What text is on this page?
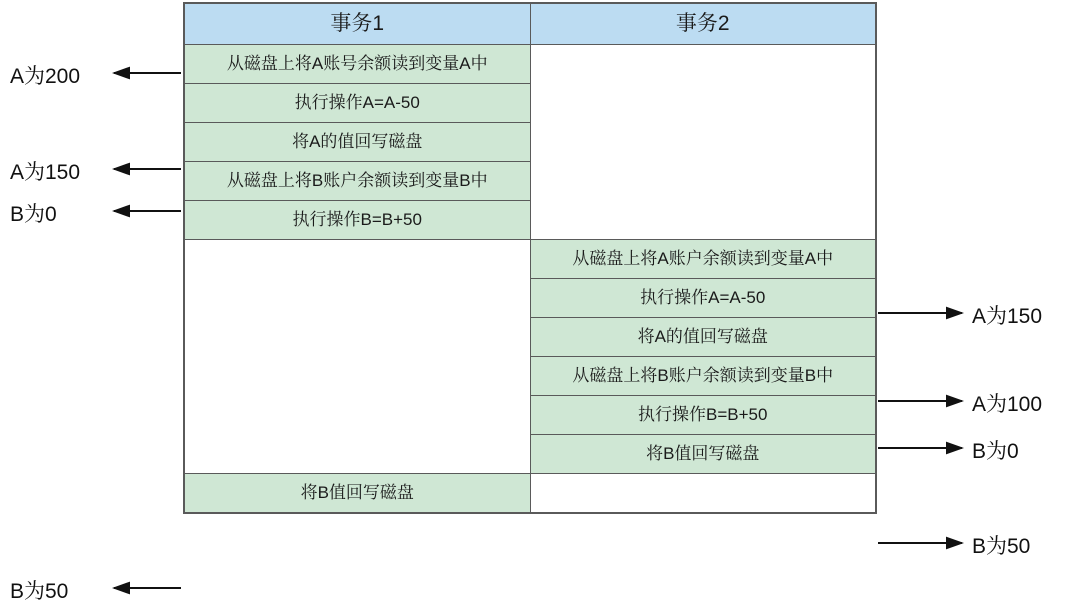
A为200
A为150
B为0
B为50
A为150
A为100
B为0
B为50
事务1	事务2

从磁盘上将A账号余额读到变量A中	

执行操作A=A-50	

将A的值回写磁盘	

从磁盘上将B账户余额读到变量B中	

执行操作B=B+50	

	从磁盘上将A账户余额读到变量A中

	执行操作A=A-50

	将A的值回写磁盘

	从磁盘上将B账户余额读到变量B中

	执行操作B=B+50

	将B值回写磁盘

将B值回写磁盘	
